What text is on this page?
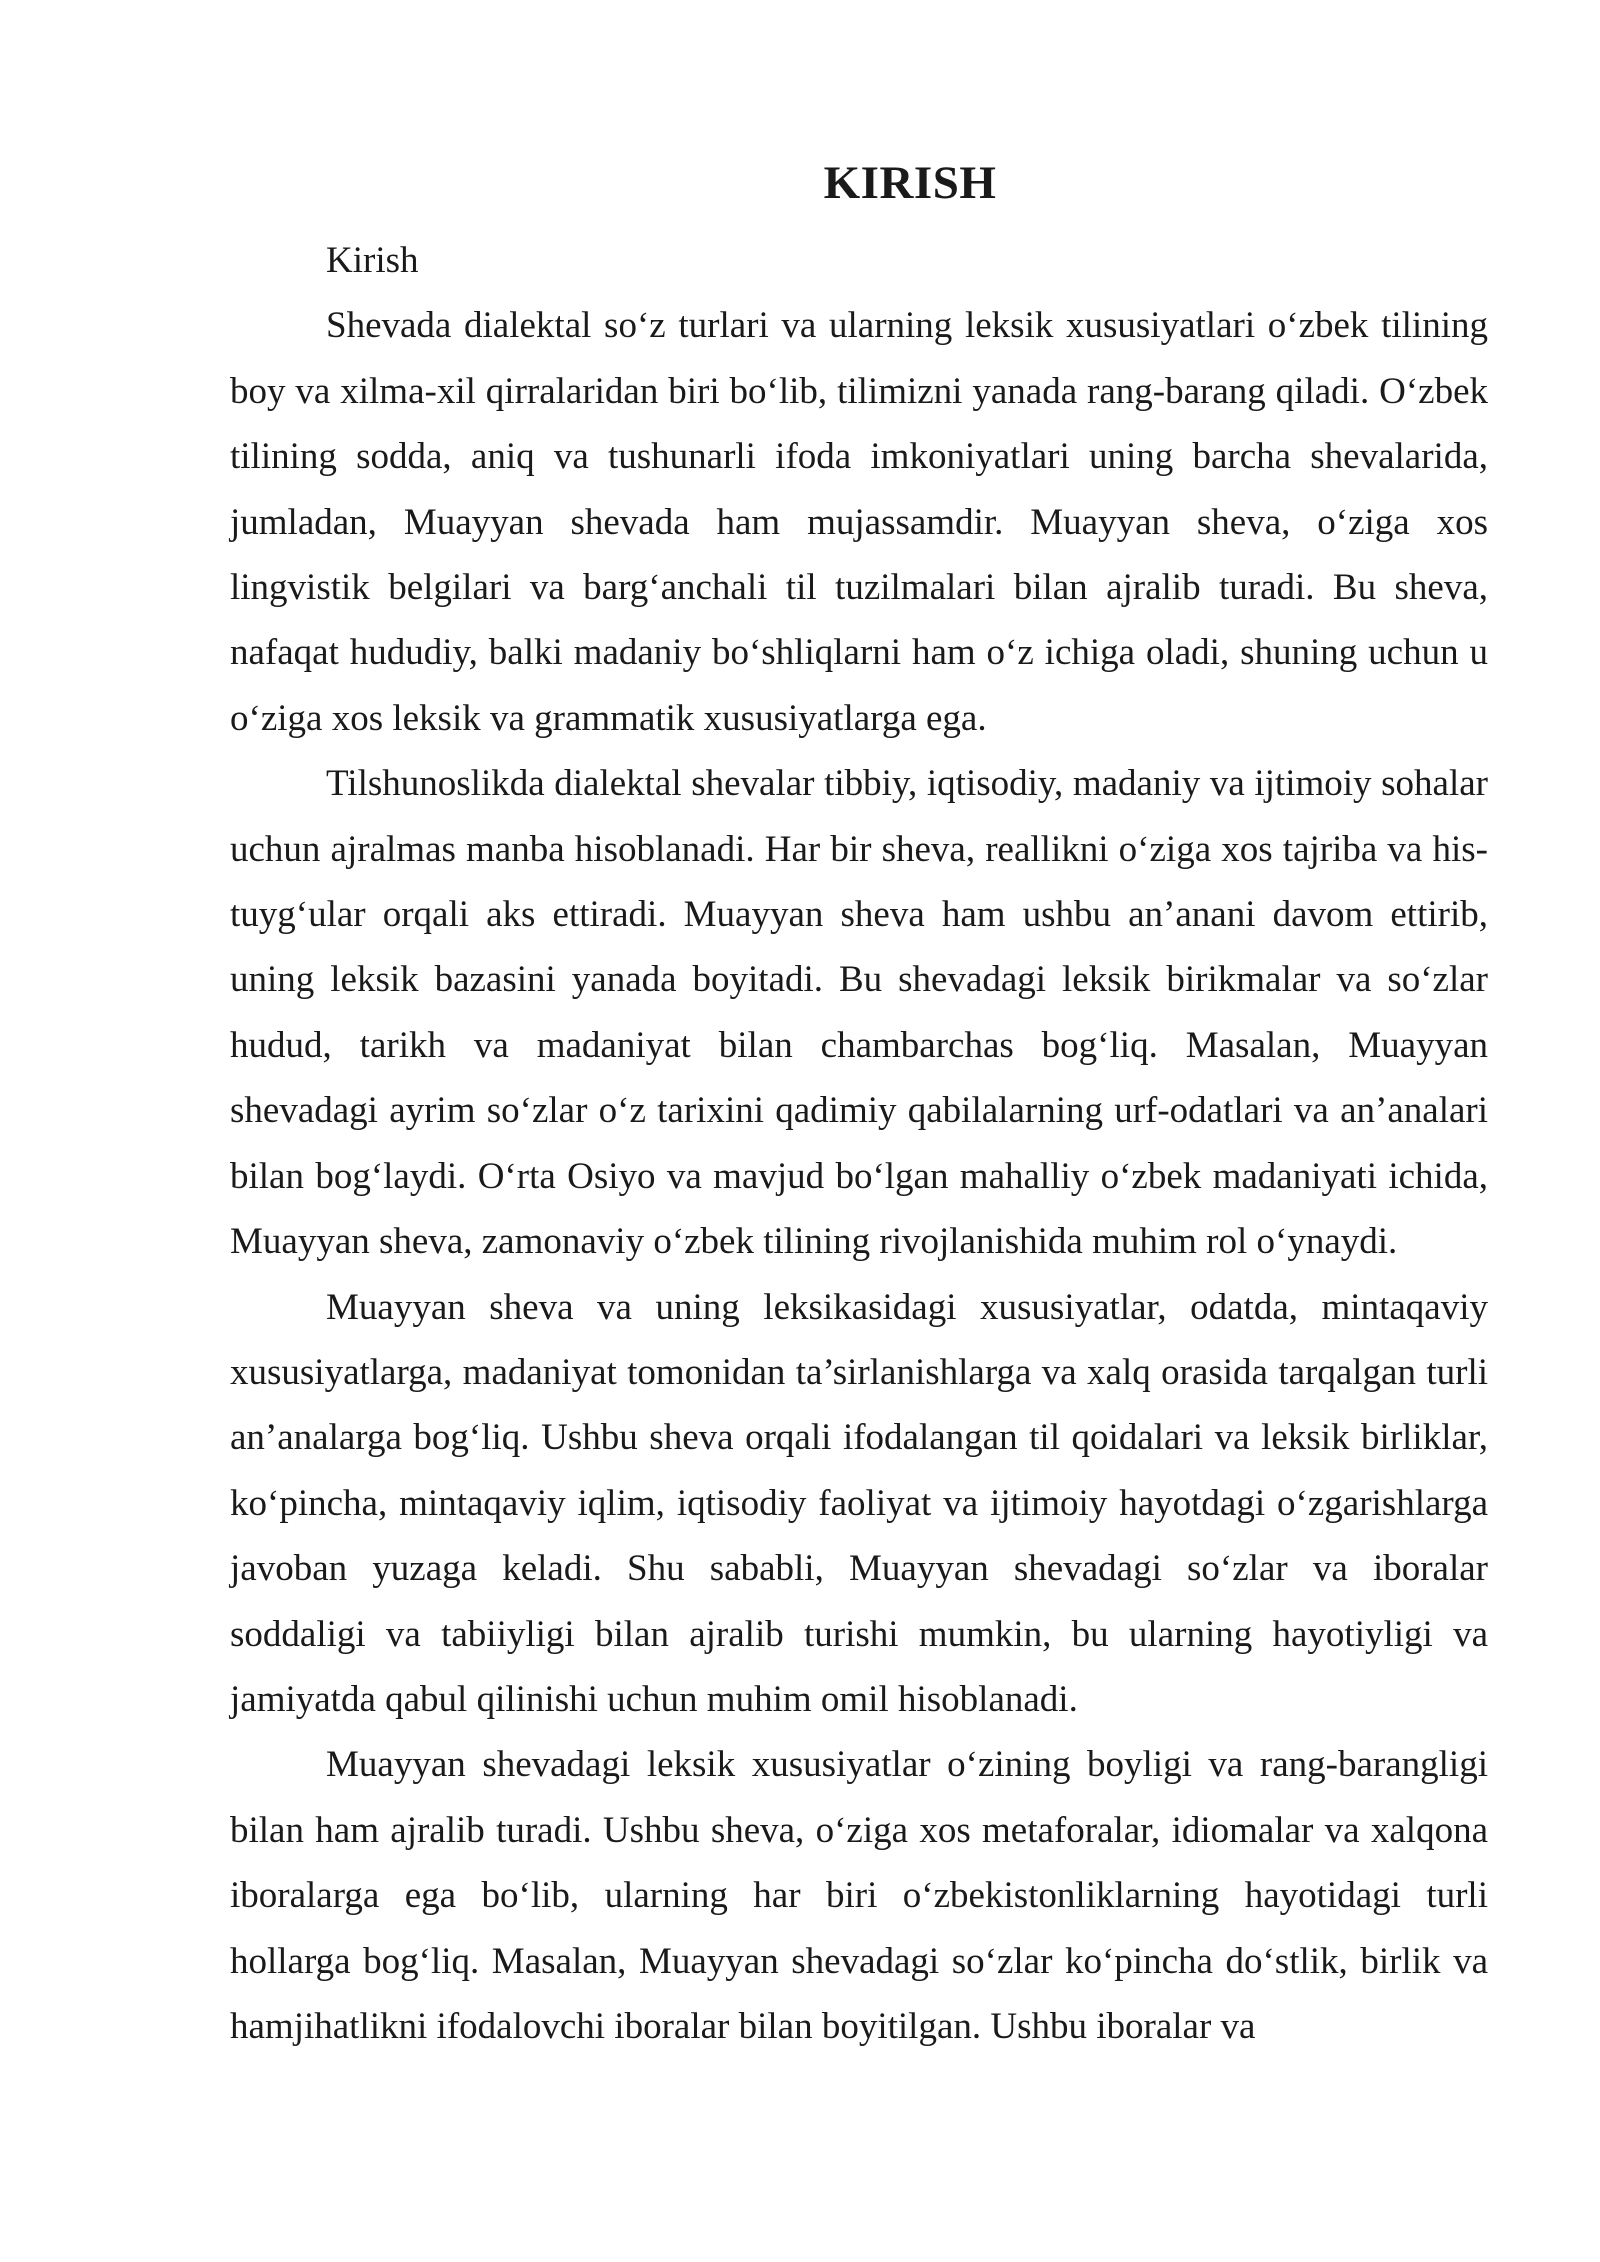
KIRISH

Kirish

Shevada dialektal so‘z turlari va ularning leksik xususiyatlari o‘zbek tilining boy va xilma-xil qirralaridan biri bo‘lib, tilimizni yanada rang-barang qiladi. O‘zbek tilining sodda, aniq va tushunarli ifoda imkoniyatlari uning barcha shevalarida, jumladan, Muayyan shevada ham mujassamdir. Muayyan sheva, o‘ziga xos lingvistik belgilari va barg‘anchali til tuzilmalari bilan ajralib turadi. Bu sheva, nafaqat hududiy, balki madaniy bo‘shliqlarni ham o‘z ichiga oladi, shuning uchun u o‘ziga xos leksik va grammatik xususiyatlarga ega.

Tilshunoslikda dialektal shevalar tibbiy, iqtisodiy, madaniy va ijtimoiy sohalar uchun ajralmas manba hisoblanadi. Har bir sheva, reallikni o‘ziga xos tajriba va his-tuyg‘ular orqali aks ettiradi. Muayyan sheva ham ushbu an’anani davom ettirib, uning leksik bazasini yanada boyitadi. Bu shevadagi leksik birikmalar va so‘zlar hudud, tarikh va madaniyat bilan chambarchas bog‘liq. Masalan, Muayyan shevadagi ayrim so‘zlar o‘z tarixini qadimiy qabilalarning urf-odatlari va an’analari bilan bog‘laydi. O‘rta Osiyo va mavjud bo‘lgan mahalliy o‘zbek madaniyati ichida, Muayyan sheva, zamonaviy o‘zbek tilining rivojlanishida muhim rol o‘ynaydi.

Muayyan sheva va uning leksikasidagi xususiyatlar, odatda, mintaqaviy xususiyatlarga, madaniyat tomonidan ta’sirlanishlarga va xalq orasida tarqalgan turli an’analarga bog‘liq. Ushbu sheva orqali ifodalangan til qoidalari va leksik birliklar, ko‘pincha, mintaqaviy iqlim, iqtisodiy faoliyat va ijtimoiy hayotdagi o‘zgarishlarga javoban yuzaga keladi. Shu sababli, Muayyan shevadagi so‘zlar va iboralar soddaligi va tabiiyligi bilan ajralib turishi mumkin, bu ularning hayotiyligi va jamiyatda qabul qilinishi uchun muhim omil hisoblanadi.

Muayyan shevadagi leksik xususiyatlar o‘zining boyligi va rang-barangligi bilan ham ajralib turadi. Ushbu sheva, o‘ziga xos metaforalar, idiomalar va xalqona iboralarga ega bo‘lib, ularning har biri o‘zbekistonliklarning hayotidagi turli hollarga bog‘liq. Masalan, Muayyan shevadagi so‘zlar ko‘pincha do‘stlik, birlik va hamjihatlikni ifodalovchi iboralar bilan boyitilgan. Ushbu iboralar va
